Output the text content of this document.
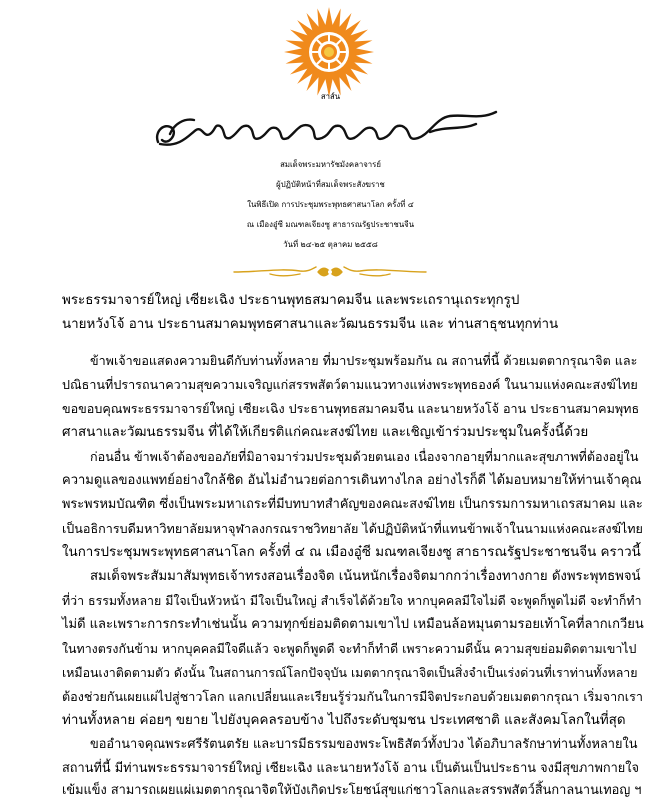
สาส์น
สมเด็จพระมหารัชมังคลาจารย์
ผู้ปฏิบัติหน้าที่สมเด็จพระสังฆราช
ในพิธีเปิด การประชุมพระพุทธศาสนาโลก ครั้งที่ ๔
ณ เมืองอู๋ซี มณฑลเจียงซู สาธารณรัฐประชาชนจีน
วันที่ ๒๔-๒๕ ตุลาคม ๒๕๕๘
พระธรรมาจารย์ใหญ่ เซียะเฉิง ประธานพุทธสมาคมจีน และพระเถรานุเถระทุกรูป
นายหวังโจ้ อาน ประธานสมาคมพุทธศาสนาและวัฒนธรรมจีน และ ท่านสาธุชนทุกท่าน
ข้าพเจ้าขอแสดงความยินดีกับท่านทั้งหลาย ที่มาประชุมพร้อมกัน ณ สถานที่นี้ ด้วยเมตตากรุณาจิต และ
ปณิธานที่ปรารถนาความสุขความเจริญแก่สรรพสัตว์ตามแนวทางแห่งพระพุทธองค์ ในนามแห่งคณะสงฆ์ไทย
ขอขอบคุณพระธรรมาจารย์ใหญ่ เซียะเฉิง ประธานพุทธสมาคมจีน และนายหวังโจ้ อาน ประธานสมาคมพุทธ
ศาสนาและวัฒนธรรมจีน ที่ได้ให้เกียรติแก่คณะสงฆ์ไทย และเชิญเข้าร่วมประชุมในครั้งนี้ด้วย
ก่อนอื่น ข้าพเจ้าต้องขออภัยที่มิอาจมาร่วมประชุมด้วยตนเอง เนื่องจากอายุที่มากและสุขภาพที่ต้องอยู่ใน
ความดูแลของแพทย์อย่างใกล้ชิด อันไม่อำนวยต่อการเดินทางไกล อย่างไรก็ดี ได้มอบหมายให้ท่านเจ้าคุณ
พระพรหมบัณฑิต ซึ่งเป็นพระมหาเถระที่มีบทบาทสำคัญของคณะสงฆ์ไทย เป็นกรรมการมหาเถรสมาคม และ
เป็นอธิการบดีมหาวิทยาลัยมหาจุฬาลงกรณราชวิทยาลัย ได้ปฏิบัติหน้าที่แทนข้าพเจ้าในนามแห่งคณะสงฆ์ไทย
ในการประชุมพระพุทธศาสนาโลก ครั้งที่ ๔ ณ เมืองอู๋ซี มณฑลเจียงซู สาธารณรัฐประชาชนจีน คราวนี้
สมเด็จพระสัมมาสัมพุทธเจ้าทรงสอนเรื่องจิต เน้นหนักเรื่องจิตมากกว่าเรื่องทางกาย ดังพระพุทธพจน์
ที่ว่า ธรรมทั้งหลาย มีใจเป็นหัวหน้า มีใจเป็นใหญ่ สำเร็จได้ด้วยใจ หากบุคคลมีใจไม่ดี จะพูดก็พูดไม่ดี จะทำก็ทำ
ไม่ดี และเพราะการกระทำเช่นนั้น ความทุกข์ย่อมติดตามเขาไป เหมือนล้อหมุนตามรอยเท้าโคที่ลากเกวียน
ในทางตรงกันข้าม หากบุคคลมีใจดีแล้ว จะพูดก็พูดดี จะทำก็ทำดี เพราะความดีนั้น ความสุขย่อมติดตามเขาไป
เหมือนเงาติดตามตัว ดังนั้น ในสถานการณ์โลกปัจจุบัน เมตตากรุณาจิตเป็นสิ่งจำเป็นเร่งด่วนที่เราท่านทั้งหลาย
ต้องช่วยกันเผยแผ่ไปสู่ชาวโลก แลกเปลี่ยนและเรียนรู้ร่วมกันในการมีจิตประกอบด้วยเมตตากรุณา เริ่มจากเรา
ท่านทั้งหลาย ค่อยๆ ขยาย ไปยังบุคคลรอบข้าง ไปถึงระดับชุมชน ประเทศชาติ และสังคมโลกในที่สุด
ขออำนาจคุณพระศรีรัตนตรัย และบารมีธรรมของพระโพธิสัตว์ทั้งปวง ได้อภิบาลรักษาท่านทั้งหลายใน
สถานที่นี้ มีท่านพระธรรมาจารย์ใหญ่ เซียะเฉิง และนายหวังโจ้ อาน เป็นต้นเป็นประธาน จงมีสุขภาพกายใจ
เข้มแข็ง สามารถเผยแผ่เมตตากรุณาจิตให้บังเกิดประโยชน์สุขแก่ชาวโลกและสรรพสัตว์สิ้นกาลนานเทอญ ฯ
